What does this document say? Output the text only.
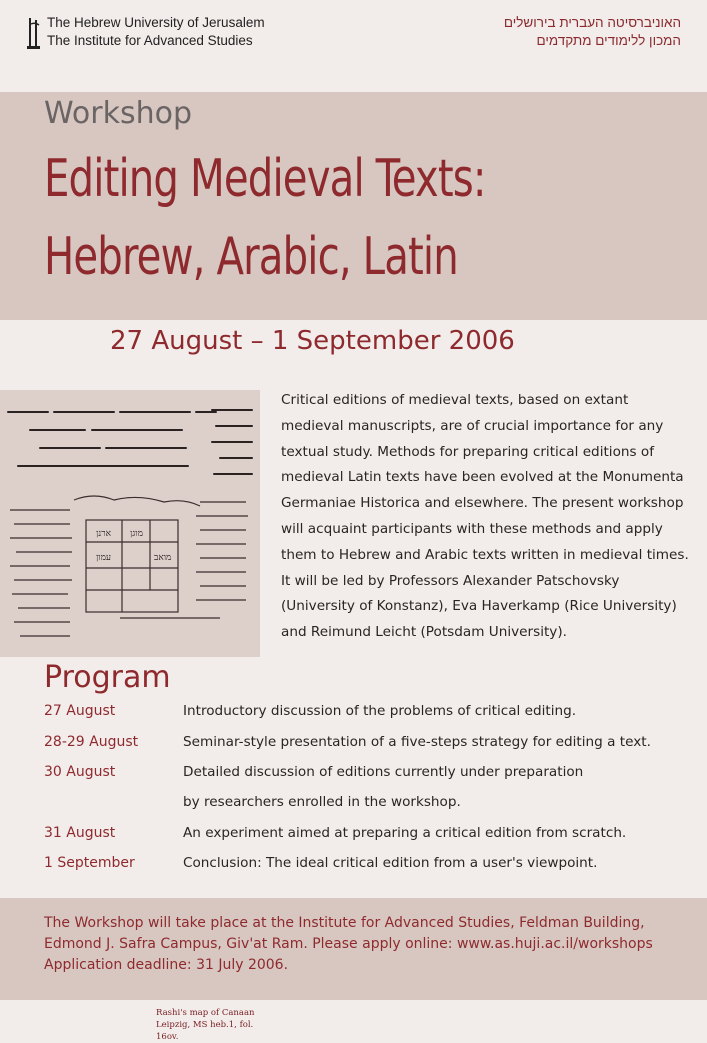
The Hebrew University of Jerusalem
The Institute for Advanced Studies
האוניברסיטה העברית בירושלים
המכון ללימודים מתקדמים
Workshop
Editing Medieval Texts:
Hebrew, Arabic, Latin
27 August – 1 September 2006
ארנן מוגן
עמון	מואב
Rashi's map of Canaan
Leipzig, MS heb.1, fol. 16ov.

Critical editions of medieval texts, based on extant medieval manuscripts, are of crucial importance for any textual study. Methods for preparing critical editions of medieval Latin texts have been evolved at the Monumenta Germaniae Historica and elsewhere. The present workshop will acquaint participants with these methods and apply them to Hebrew and Arabic texts written in medieval times.

It will be led by Professors Alexander Patschovsky (University of Konstanz), Eva Haverkamp (Rice University) and Reimund Leicht (Potsdam University).

Program
27 August	Introductory discussion of the problems of critical editing.
28-29 August	Seminar-style presentation of a five-steps strategy for editing a text.
30 August	Detailed discussion of editions currently under preparation
by researchers enrolled in the workshop.
31 August	An experiment aimed at preparing a critical edition from scratch.
1 September	Conclusion: The ideal critical edition from a user's viewpoint.
The Workshop will take place at the Institute for Advanced Studies, Feldman Building,
Edmond J. Safra Campus, Giv'at Ram. Please apply online: www.as.huji.ac.il/workshops
Application deadline: 31 July 2006.
